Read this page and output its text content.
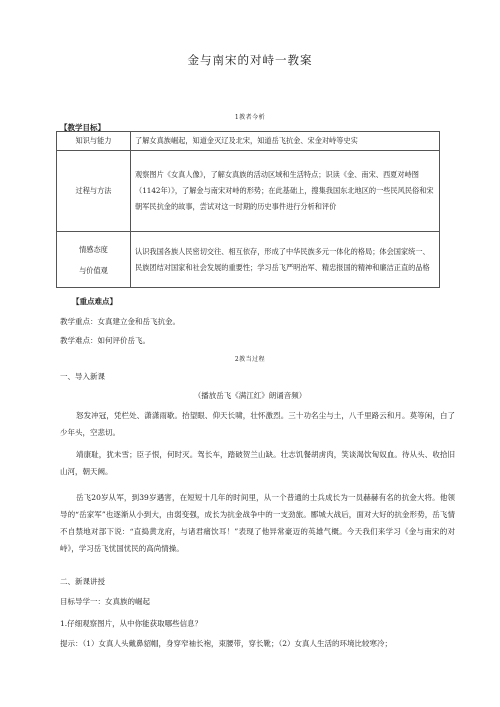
金与南宋的对峙一教案
1教者今析
【教学目标】
知识与能力	了解女真族崛起，知道金灭辽及北宋，知道岳飞抗金、宋金对峙等史实
过程与方法	观察图片《女真人像》，了解女真族的活动区域和生活特点；识读《金、南宋、西夏对峙图（1142年）》，了解金与南宋对峙的形势；在此基础上，搜集我国东北地区的一些民风民俗和宋朝军民抗金的故事，尝试对这一时期的历史事件进行分析和评价

情感态度
与价值观	认识我国各族人民密切交往、相互依存，形成了中华民族多元一体化的格局；体会国家统一、民族团结对国家和社会发展的重要性；学习岳飞严明治军、精忠报国的精神和廉洁正直的品格
【重点难点】
教学重点：女真建立金和岳飞抗金。
教学难点：如何评价岳飞。
2教当过程
一、导入新课
（播放岳飞《满江红》朗诵音频）
怒发冲冠，凭栏处、潇潇雨歇。抬望眼、仰天长啸，壮怀激烈。三十功名尘与土，八千里路云和月。莫等闲，白了少年头，空悲切。
靖康耻，犹未雪；臣子恨，何时灭。驾长车，踏破贺兰山缺。壮志饥餐胡虏肉，笑谈渴饮匈奴血。待从头、收拾旧山河，朝天阙。
岳飞20岁从军，到39岁遇害，在短短十几年的时间里，从一个普通的士兵成长为一员赫赫有名的抗金大将。他领导的“岳家军”也逐渐从小到大，由弱变强，成长为抗金战争中的一支劲旅。郾城大战后，面对大好的抗金形势，岳飞情不自禁地对部下说：“直捣黄龙府，与诸君痛饮耳！”表现了他异常豪迈的英雄气概。今天我们来学习《金与南宋的对峙》，学习岳飞忧国忧民的高尚情操。
二、新课讲授
目标导学一：女真族的崛起
1.仔细观察图片，从中你能获取哪些信息？
提示：（1）女真人头戴鼻貂帽，身穿窄袖长袍，束腰带，穿长靴；（2）女真人生活的环境比较寒冷；
